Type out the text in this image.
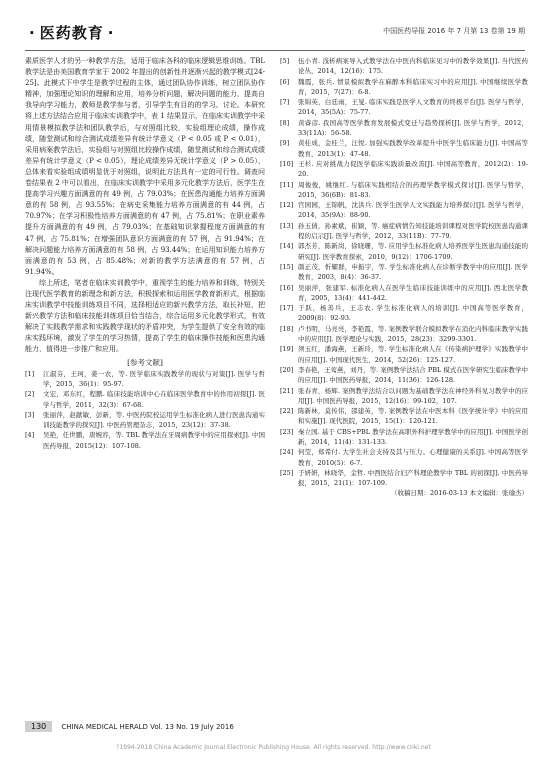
· 医药教育 ·	中国医药导报 2016 年 7 月第 13 卷第 19 期

素质医学人才的另一种教学方法，适用于临床各科的临床逻辑思维训练。TBL 教学法是由美国教育学家于 2002 年提出的创新性并逐渐兴起的教学模式[24-25]。此模式下中学生是教学过程的主体，通过团队协作训练，树立团队协作精神，加强理论知识的理解和应用，培养分析问题，解决问题的能力，提高自我导向学习能力，教师是教学参与者，引导学生有目的的学习、讨论。本研究将上述方法结合应用于临床实训教学中，表 1 结果显示，在临床实训教学中采用情景模拟教学法和团队教学后，与对照组比较，实验组理论成绩，操作成绩，随堂测试和综合测试成绩差异有统计学意义（P < 0.05 或 P < 0.01），采用病案教学法后，实验组与对照组比较操作成绩，随堂测试和综合测试成绩差异有统计学意义（P < 0.05），理论成绩差异无统计学意义（P > 0.05），总体来看实验组成绩明显优于对照组，说明此方法具有一定的可行性。调查问卷结果表 2 中可以看出，在临床实训教学中采用多元化教学方法后，医学生在提高学习兴趣方面满意的有 49 例，占 79.03%；在医患沟通能力培养方面满意的有 58 例，占 93.55%；在病史采集能力培养方面满意的有 44 例，占 70.97%；在学习积极性培养方面满意的有 47 例，占 75.81%；在职业素养提升方面满意的有 49 例，占 79.03%；在基础知识掌握程度方面满意的有 47 例，占 75.81%；在增强团队意识方面满意的有 57 例，占 91.94%；在解决问题能力培养方面满意的有 58 例，占 93.44%；在运用知识能力培养方面满意的有 53 例，占 85.48%；对新的教学方法满意的有 57 例，占 91.94%。

综上所述，笔者在临床实训教学中，重视学生的能力培养和训练，特别关注现代医学教育的新理念和新方法，积极探索和运用医学教育新形式，根据临床实训教学中技能训练项目不同，选择相适应的新兴教学方法，取长补短，把新兴教学方法和临床技能训练项目恰当结合，综合运用多元化教学形式，有效解决了实践教学需求和实践教学现状的矛盾冲突，为学生提供了安全有效的临床实践环境，激发了学生的学习热情，提高了学生的临床操作技能和医患沟通能力，值得进一步推广和应用。

[参考文献]
[1]	江淑芬，王珂，姜一农，等. 医学临床实践教学的现状与对策[J]. 医学与哲学，2015，36(1)：95-97.
[2]	文宏，邓东红，程鹏. 临床技能培训中心在临床医学教育中的作用初探[J]. 医学与哲学，2011，32(3)：67-68.
[3]	张丽萍，赵献敏，彭新，等. 中医药院校运用学生标准化病人进行医患沟通实训技能教学的探究[J]. 中医药管理杂志，2015，23(12)：37-38.
[4]	吴艳，任世鹏，唐婉容，等. TBL 教学法在牙周病教学中的应用探索[J]. 中国医药导报，2015(12)：107-108.
[5]	伍小青. 浅析病案导入式教学法在中医内科临床见习中的教学效果[J]. 当代医药论丛，2014，12(16)：175.
[6]	魏霞，张兵. 情景模拟教学在麻醉本科临床实习中的应用[J]. 中国继续医学教育，2015，7(27)：6-8.
[7]	张锦英，白廷雨，王旻. 临床实践是医学人文教育的终极平台[J]. 医学与哲学，2014，35(5A)：75-77.
[8]	黄睿彦. 我国高等医学教育发展模式变迁与趋势探析[J]. 医学与哲学，2012，33(11A)：56-58.
[9]	黄桂成，金桂兰，汪悦. 加强实践教学改革提升中医学生临床能力[J]. 中国高等教育，2013(1)：47-48.
[10] 王杉. 应对挑战力促医学临床实践质量改善[J]. 中国高等教育，2012(2)：19-20.
[11] 周俊俊，姚继红. 与临床实践相结合的药理学教学模式探讨[J]. 医学与哲学，2015，36(6B)：81-83.
[12] 官园园，王锦帆，沈洪兵. 医学生医学人文实践能力培养探讨[J]. 医学与哲学，2014，35(9A)：88-90.
[13] 孙玉倩，孙素斌，崔颖，等. 癌症病情告知技能培训课程对医学院校医患沟通课程的启示[J]. 医学与哲学，2012，33(11B)：77-79.
[14] 郭杰芳，陈新岗，徐晓珊，等. 应用学生标准化病人培养医学生医患沟通技能的研究[J]. 医学教育探索，2010，9(12)：1706-1709.
[15] 颜正茂，忻耀群，申振宇，等. 学生标准化病人在诊断学教学中的应用[J]. 医学教育，2003，8(4)：36-37.
[16] 吴丽萍，张建军. 标准化病人在医学生临床技能训练中的应用[J]. 西北医学教育，2005，13(4)：441-442.
[17] 于跃，杨善兵，王志农. 学生标准化病人的培训[J]. 中国高等医学教育，2009(8)：92-93.
[18] 卢书明，马亮亮，李艳霞，等. 案例教学联合模拟教学在消化内科临床教学实践中的应用[J]. 医学理论与实践，2015，28(23)：3299-3301.
[19] 须玉红，潘海燕，王新玲，等. 学生标准化病人在《传染病护理学》实践教学中的应用[J]. 中国现代医生，2014，52(26)：125-127.
[20] 李春艳，王莺燕，刘丹，等. 案例教学法结合 PBL 模式在医学研究生临床教学中的应用[J]. 中国医药导报，2014，11(36)：126-128.
[21] 张春青，杨辉. 案例教学法结合以问题为基础教学法在神经外科见习教学中的应用[J]. 中国医药导报，2015，12(16)：99-102，107.
[22] 陈新林，莫传伟，邵建英，等. 案例教学法在中医本科《医学统计学》中的应用和实施[J]. 现代医院，2015，15(1)：120-121.
[23] 秦立国. 基于 CBS+PBL 教学法在高职外科护理学教学中的应用[J]. 中国医学创新，2014，11(4)：131-133.
[24] 何莹，郑希付. 大学生社会支持及其与压力、心理健康的关系[J]. 中国高等医学教育，2010(5)：6-7.
[25] 于妍妍，林晓华，金哲. 中西医结合妇产科理论教学中 TBL 的初探[J]. 中医药导报，2015，21(1)：107-109.
（收稿日期：2016-03-13 本文编辑：张瑜杰）
130 CHINA MEDICAL HERALD Vol. 13 No. 19 July 2016
?1994-2018 China Academic Journal Electronic Publishing House. All rights reserved. http://www.cnki.net
